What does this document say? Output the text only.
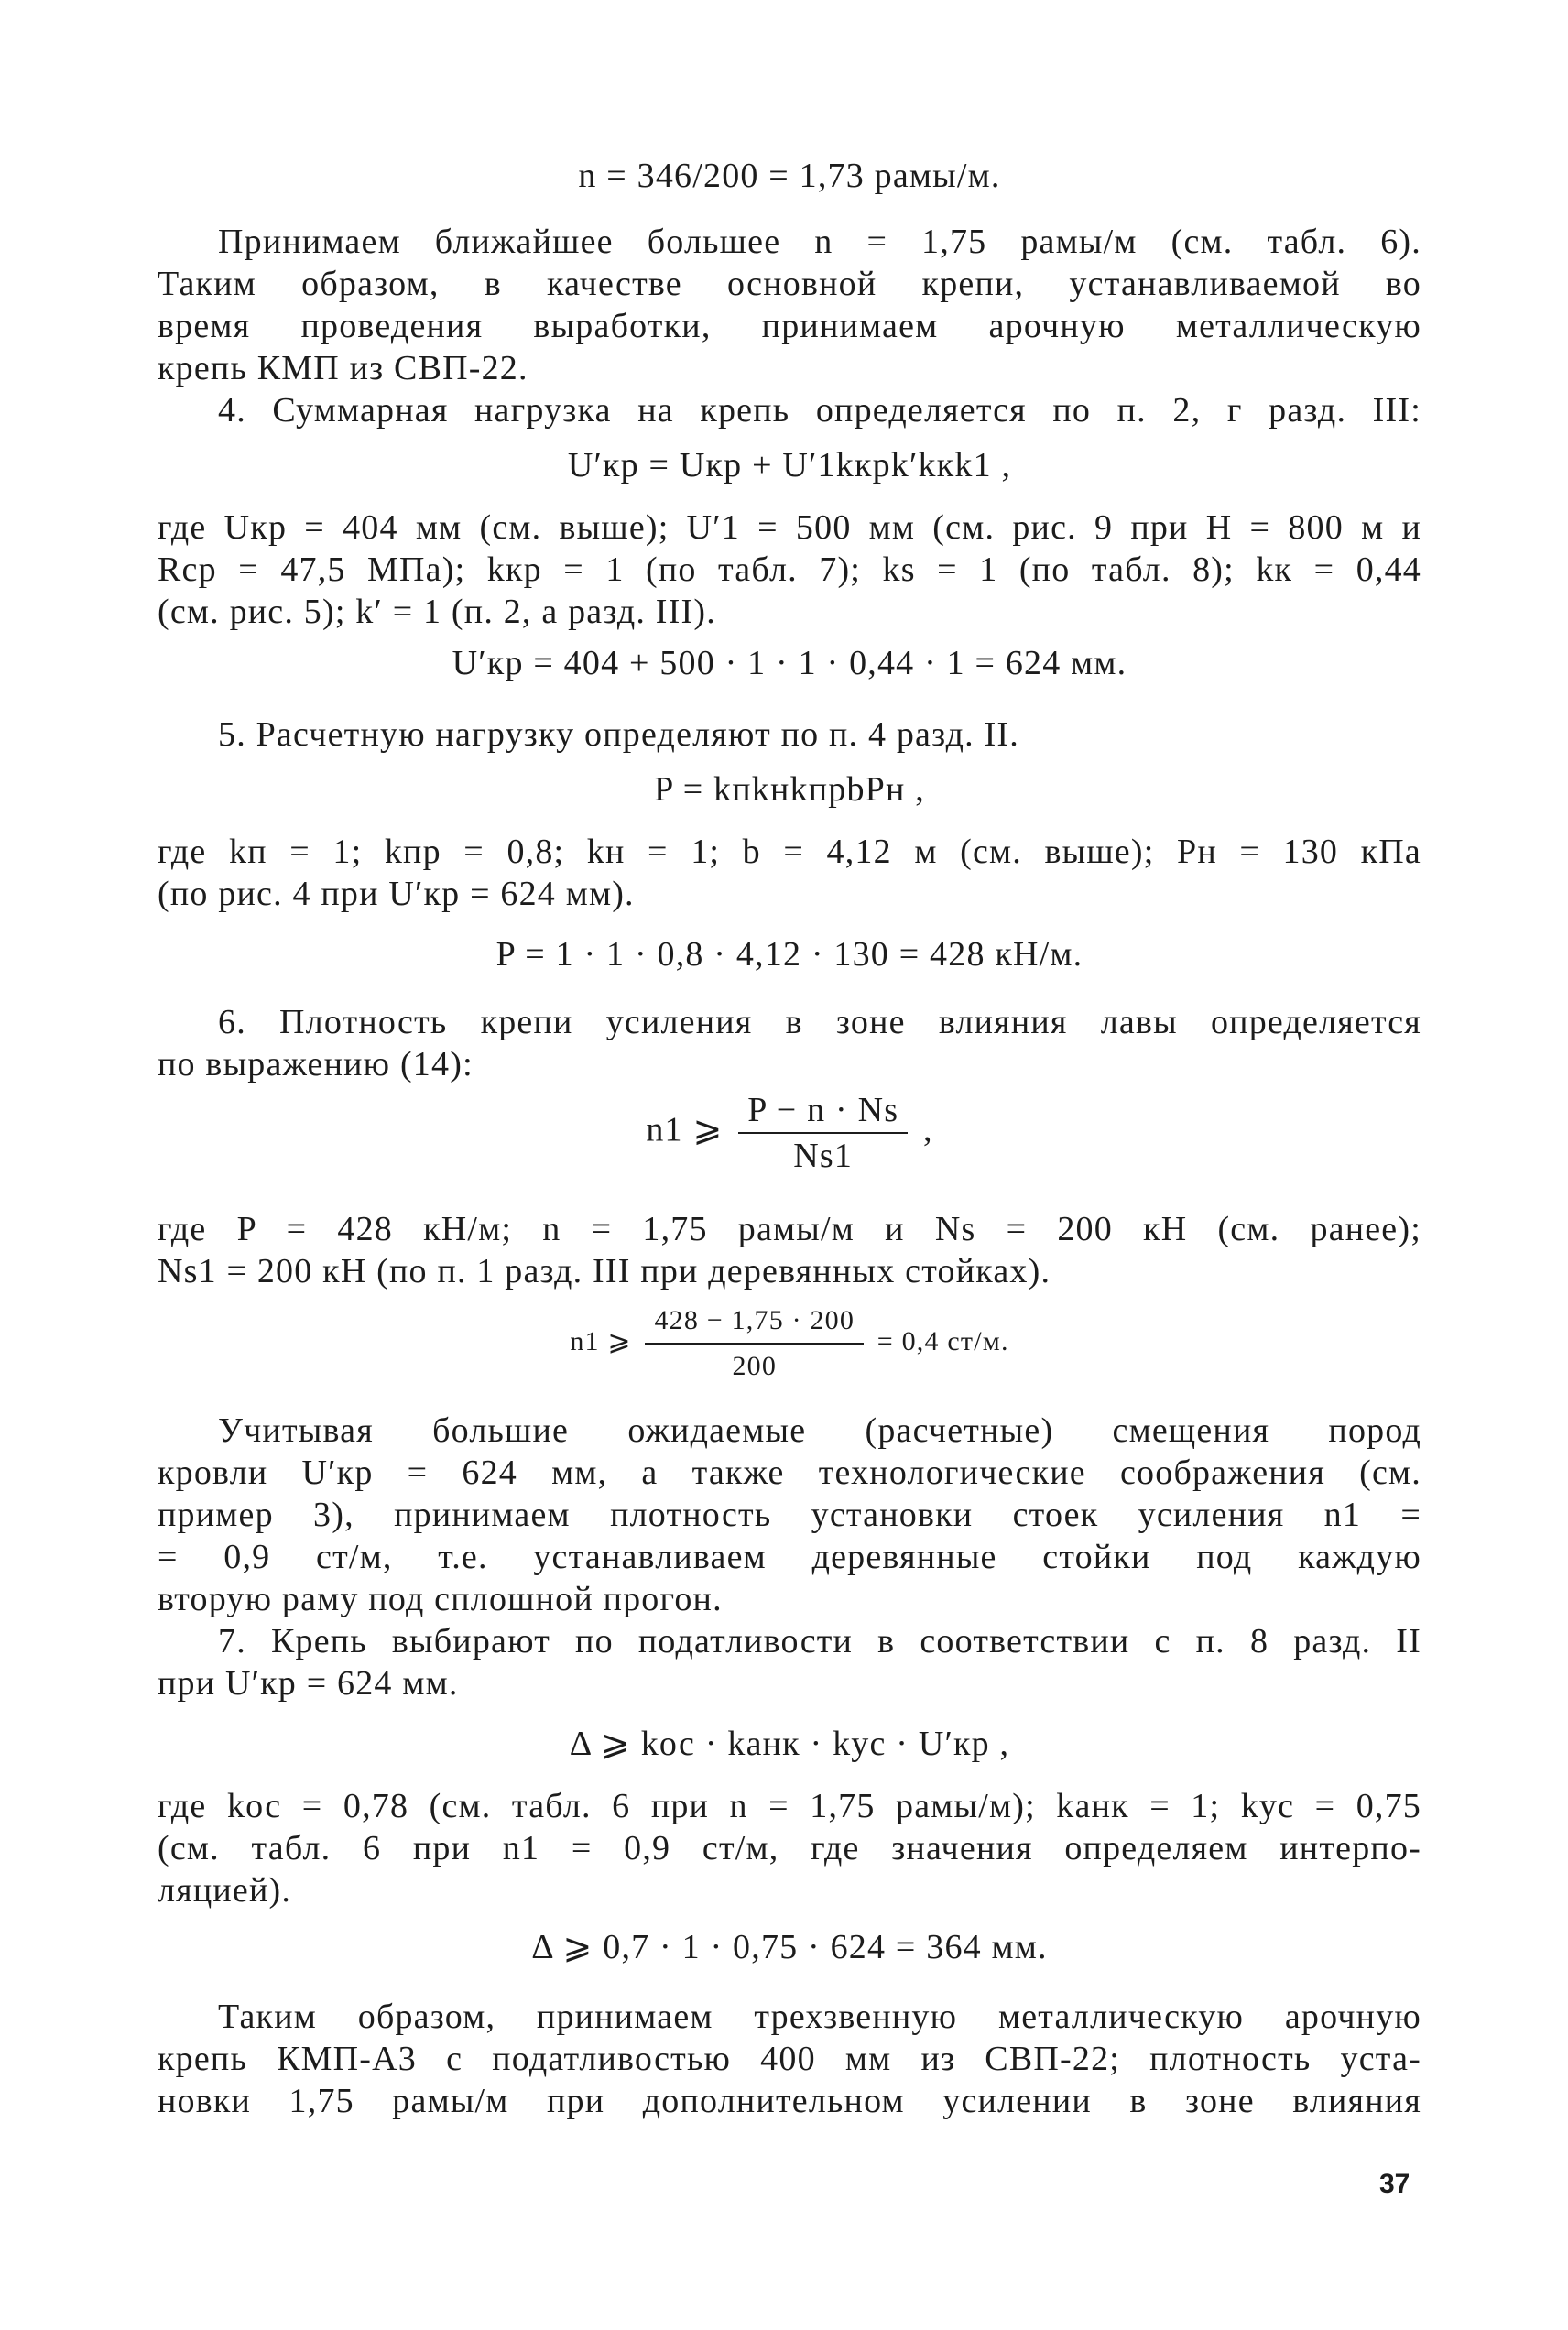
n = 346/200 = 1,73 рамы/м.
Принимаем ближайшее большее n = 1,75 рамы/м (см. табл. 6).
Таким образом, в качестве основной крепи, устанавливаемой во
время проведения выработки, принимаем арочную металлическую
крепь КМП из СВП-22.
4. Суммарная нагрузка на крепь определяется по п. 2, г разд. III:
U′кр = Uкр + U′1kкрk′kкk1 ,
где Uкр = 404 мм (см. выше); U′1 = 500 мм (см. рис. 9 при H = 800 м и
Rср = 47,5 МПа); kкр = 1 (по табл. 7); ks = 1 (по табл. 8); kк = 0,44
(см. рис. 5); k′ = 1 (п. 2, а разд. III).
U′кр = 404 + 500 · 1 · 1 · 0,44 · 1 = 624 мм.
5. Расчетную нагрузку определяют по п. 4 разд. II.
P = kпkнkпрbPн ,
где kп = 1; kпр = 0,8; kн = 1; b = 4,12 м (см. выше); Pн = 130 кПа
(по рис. 4 при U′кр = 624 мм).
P = 1 · 1 · 0,8 · 4,12 · 130 = 428 кН/м.
6. Плотность крепи усиления в зоне влияния лавы определяется
по выражению (14):
n1 ⩾ $\frac{P - n \cdot Ns}{Ns1}$ ,
где P = 428 кН/м; n = 1,75 рамы/м и Ns = 200 кН (см. ранее);
Ns1 = 200 кН (по п. 1 разд. III при деревянных стойках).
n1 ⩾ $\frac{428 - 1,75 \cdot 200}{200} = 0,4$ ст/м.
Учитывая большие ожидаемые (расчетные) смещения пород
кровли U′кр = 624 мм, а также технологические соображения (см.
пример 3), принимаем плотность установки стоек усиления n1 =
= 0,9 ст/м, т.е. устанавливаем деревянные стойки под каждую
вторую раму под сплошной прогон.
7. Крепь выбирают по податливости в соответствии с п. 8 разд. II
при U′кр = 624 мм.
Δ ⩾ kос · kанк · kус · U′кр ,
где kос = 0,78 (см. табл. 6 при n = 1,75 рамы/м); kанк = 1; kус = 0,75
(см. табл. 6 при n1 = 0,9 ст/м, где значения определяем интерпо-
ляцией).
Δ ⩾ 0,7 · 1 · 0,75 · 624 = 364 мм.
Таким образом, принимаем трехзвенную металлическую арочную
крепь КМП-А3 с податливостью 400 мм из СВП-22; плотность уста-
новки 1,75 рамы/м при дополнительном усилении в зоне влияния
37
